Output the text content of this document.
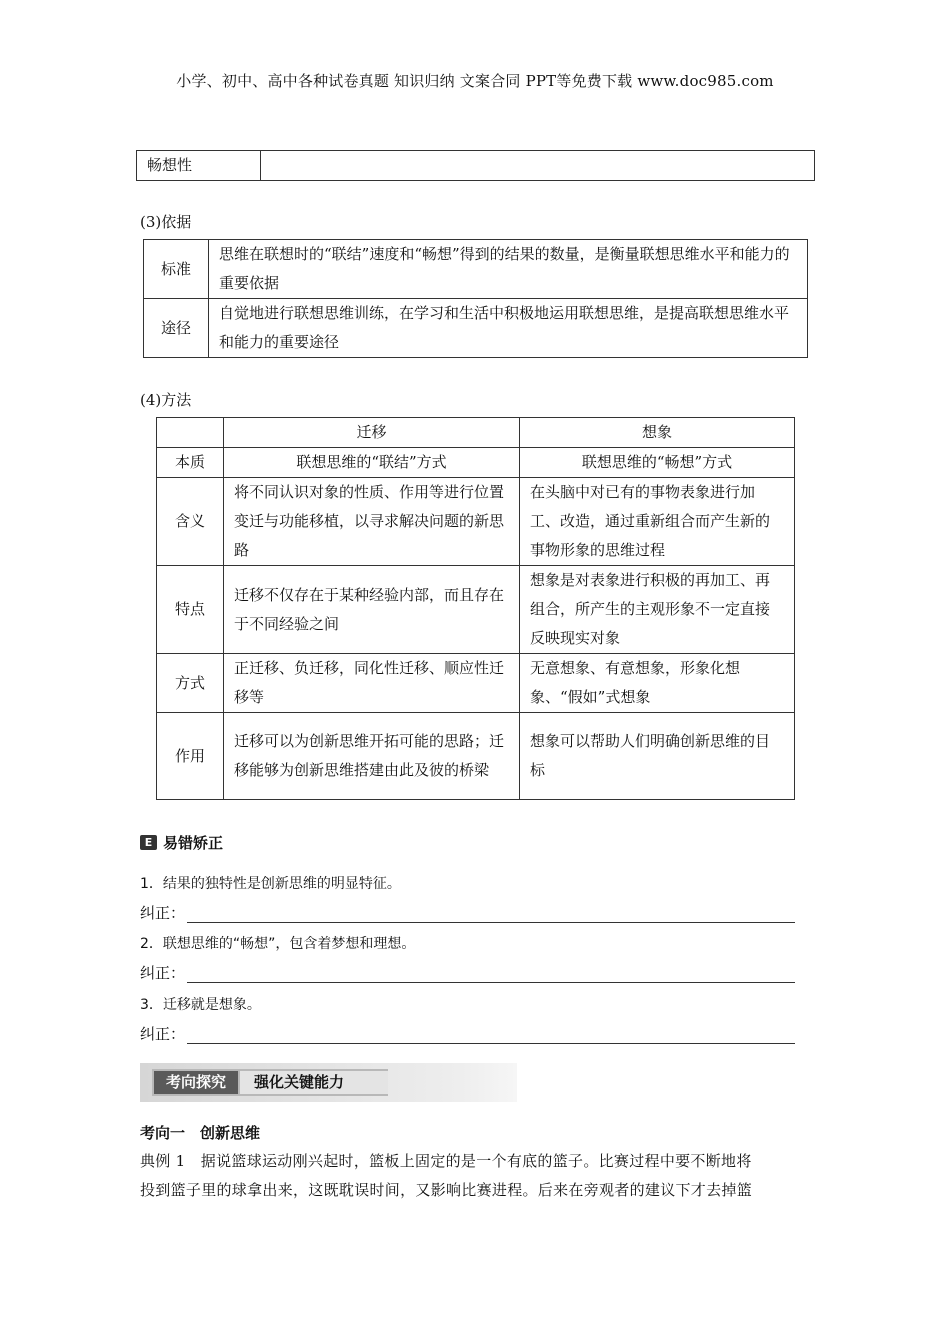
小学、初中、高中各种试卷真题 知识归纳 文案合同 PPT等免费下载 www.doc985.com
畅想性	
(3)依据
标准	思维在联想时的“联结”速度和“畅想”得到的结果的数量，是衡量联想思维水平和能力的重要依据
途径	自觉地进行联想思维训练，在学习和生活中积极地运用联想思维，是提高联想思维水平和能力的重要途径
(4)方法
	迁移	想象
本质	联想思维的“联结”方式	联想思维的“畅想”方式
含义	将不同认识对象的性质、作用等进行位置变迁与功能移植，以寻求解决问题的新思路	在头脑中对已有的事物表象进行加工、改造，通过重新组合而产生新的事物形象的思维过程
特点	迁移不仅存在于某种经验内部，而且存在于不同经验之间	想象是对表象进行积极的再加工、再组合，所产生的主观形象不一定直接反映现实对象
方式	正迁移、负迁移，同化性迁移、顺应性迁移等	无意想象、有意想象，形象化想象、“假如”式想象
作用	迁移可以为创新思维开拓可能的思路；迁移能够为创新思维搭建由此及彼的桥梁	想象可以帮助人们明确创新思维的目标
E 易错矫正
1．结果的独特性是创新思维的明显特征。
纠正：
2．联想思维的“畅想”，包含着梦想和理想。
纠正：
3．迁移就是想象。
纠正：
考向探究	强化关键能力
考向一　创新思维
典例 1　据说篮球运动刚兴起时，篮板上固定的是一个有底的篮子。比赛过程中要不断地将
投到篮子里的球拿出来，这既耽误时间，又影响比赛进程。后来在旁观者的建议下才去掉篮
